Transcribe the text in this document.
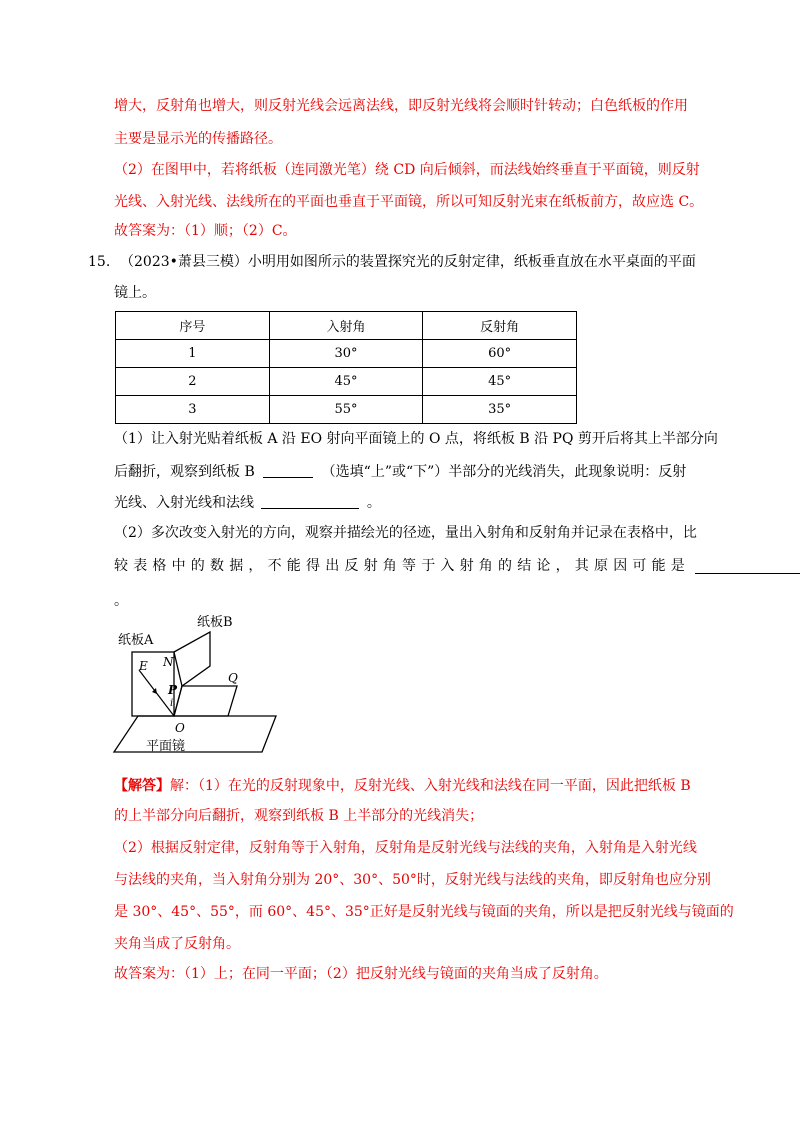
增大，反射角也增大，则反射光线会远离法线，即反射光线将会顺时针转动；白色纸板的作用
主要是显示光的传播路径。
（2）在图甲中，若将纸板（连同激光笔）绕 CD 向后倾斜，而法线始终垂直于平面镜，则反射
光线、入射光线、法线所在的平面也垂直于平面镜，所以可知反射光束在纸板前方，故应选 C。
故答案为：（1）顺；（2）C。
15. （2023•萧县三模）小明用如图所示的装置探究光的反射定律，纸板垂直放在水平桌面的平面
镜上。
序号	入射角	反射角
1	30°	60°
2	45°	45°
3	55°	35°
（1）让入射光贴着纸板 A 沿 EO 射向平面镜上的 O 点，将纸板 B 沿 PQ 剪开后将其上半部分向
后翻折，观察到纸板 B	（选填“上”或“下”）半部分的光线消失，此现象说明：反射
光线、入射光线和法线	。
（2）多次改变入射光的方向，观察并描绘光的径迹，量出入射角和反射角并记录在表格中，比
较表格中的数据，不能得出反射角等于入射角的结论，其原因可能是
。
纸板A
纸板B
E N
P
i
Q
O
平面镜
【解答】解：（1）在光的反射现象中，反射光线、入射光线和法线在同一平面，因此把纸板 B
的上半部分向后翻折，观察到纸板 B 上半部分的光线消失；
（2）根据反射定律，反射角等于入射角，反射角是反射光线与法线的夹角，入射角是入射光线
与法线的夹角，当入射角分别为 20°、30°、50°时，反射光线与法线的夹角，即反射角也应分别
是 30°、45°、55°，而 60°、45°、35°正好是反射光线与镜面的夹角，所以是把反射光线与镜面的
夹角当成了反射角。
故答案为：（1）上；在同一平面；（2）把反射光线与镜面的夹角当成了反射角。
